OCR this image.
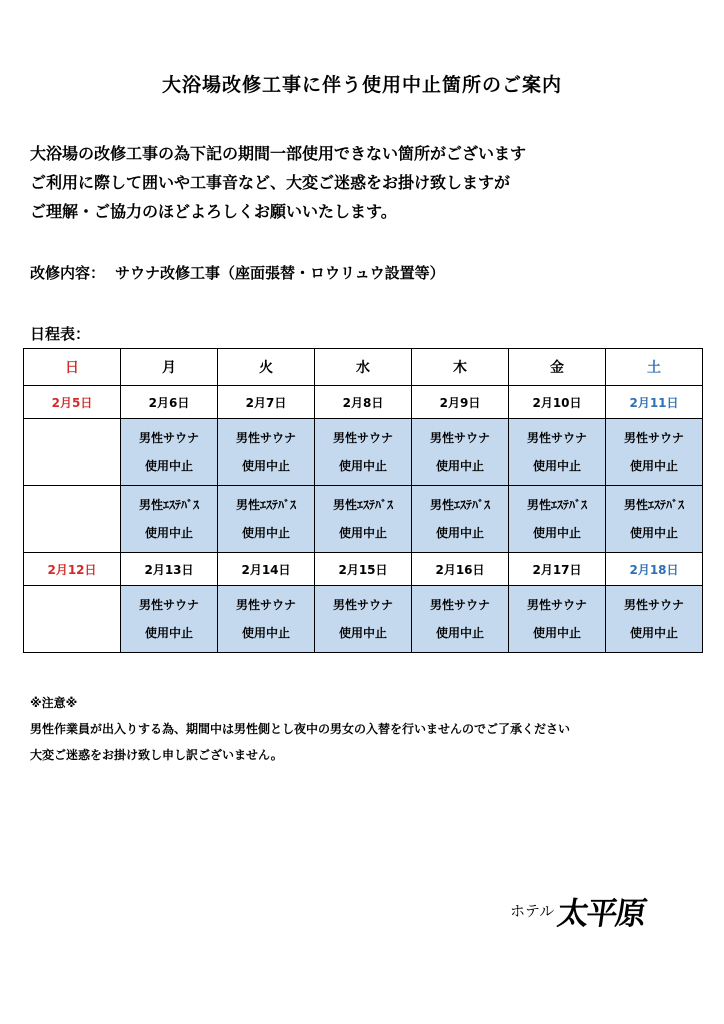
大浴場改修工事に伴う使用中止箇所のご案内
大浴場の改修工事の為下記の期間一部使用できない箇所がございます
ご利用に際して囲いや工事音など、大変ご迷惑をお掛け致しますが
ご理解・ご協力のほどよろしくお願いいたします。
改修内容： サウナ改修工事（座面張替・ロウリュウ設置等）
日程表：
日	月	火	水	木	金	土
2月5日	2月6日	2月7日	2月8日	2月9日	2月10日	2月11日

	男性サウナ
使用中止	男性サウナ
使用中止	男性サウナ
使用中止	男性サウナ
使用中止	男性サウナ
使用中止	男性サウナ
使用中止

	男性ｴｽﾃﾊﾞｽ
使用中止	男性ｴｽﾃﾊﾞｽ
使用中止	男性ｴｽﾃﾊﾞｽ
使用中止	男性ｴｽﾃﾊﾞｽ
使用中止	男性ｴｽﾃﾊﾞｽ
使用中止	男性ｴｽﾃﾊﾞｽ
使用中止

2月12日	2月13日	2月14日	2月15日	2月16日	2月17日	2月18日

	男性サウナ
使用中止	男性サウナ
使用中止	男性サウナ
使用中止	男性サウナ
使用中止	男性サウナ
使用中止	男性サウナ
使用中止
※注意※
男性作業員が出入りする為、期間中は男性側とし夜中の男女の入替を行いませんのでご了承ください
大変ご迷惑をお掛け致し申し訳ございません。
ホテル 太平原
